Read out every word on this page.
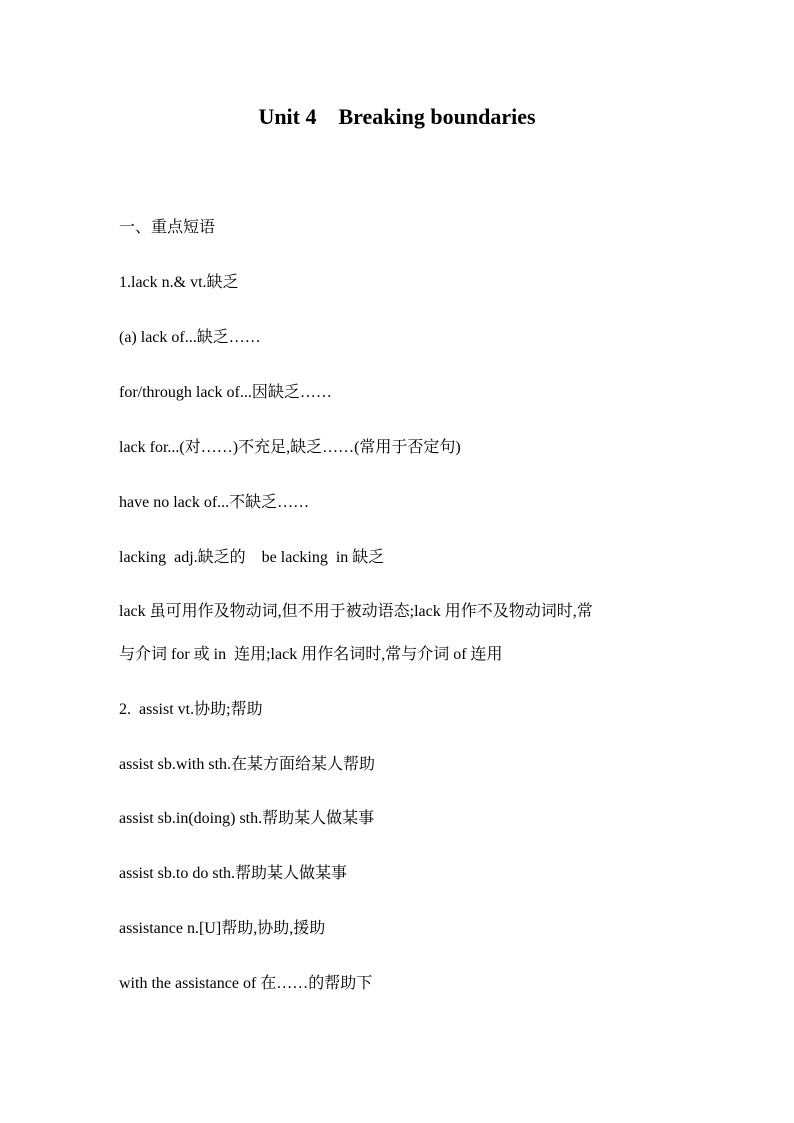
Unit 4    Breaking boundaries

一、重点短语

1.lack n.& vt.缺乏

(a) lack of...缺乏……

for/through lack of...因缺乏……

lack for...(对……)不充足,缺乏……(常用于否定句)

have no lack of...不缺乏……

lacking  adj.缺乏的    be lacking  in 缺乏

lack 虽可用作及物动词,但不用于被动语态;lack 用作不及物动词时,常

与介词 for 或 in  连用;lack 用作名词时,常与介词 of 连用

2.  assist vt.协助;帮助

assist sb.with sth.在某方面给某人帮助

assist sb.in(doing) sth.帮助某人做某事

assist sb.to do sth.帮助某人做某事

assistance n.[U]帮助,协助,援助

with the assistance of 在……的帮助下
